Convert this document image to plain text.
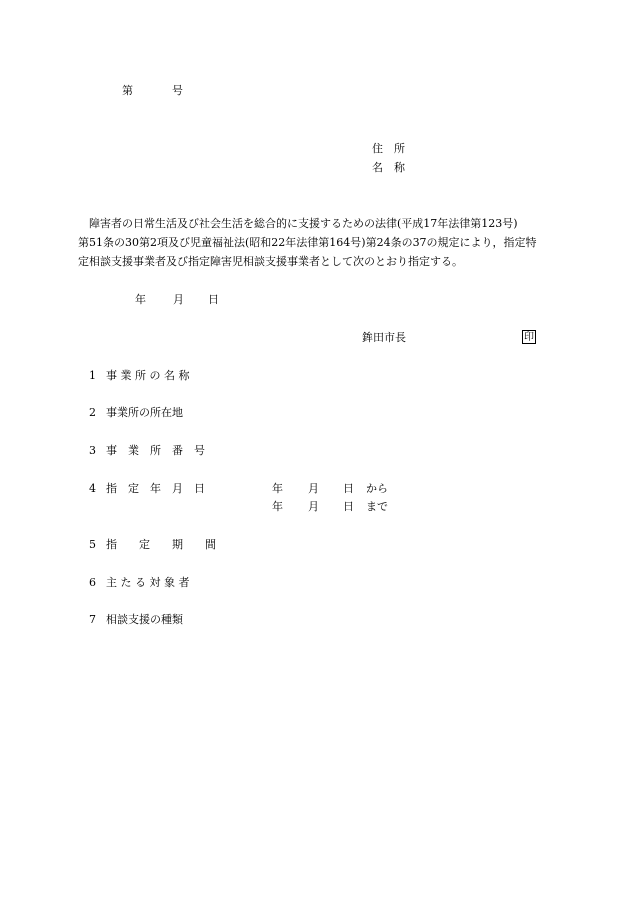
第	号
住　所
名　称
障害者の日常生活及び社会生活を総合的に支援するための法律(平成17年法律第123号)
第51条の30第2項及び児童福祉法(昭和22年法律第164号)第24条の37の規定により，指定特
定相談支援事業者及び指定障害児相談支援事業者として次のとおり指定する。
年 月 日
鉾田市長	印
1 事 業 所 の 名 称
2 事業所の所在地
3 事　業　所　番　号
4 指　定　年　月　日	年 月 日 から
年 月 日 まで
5 指　　定　　期　　間
6 主 た る 対 象 者
7 相談支援の種類
